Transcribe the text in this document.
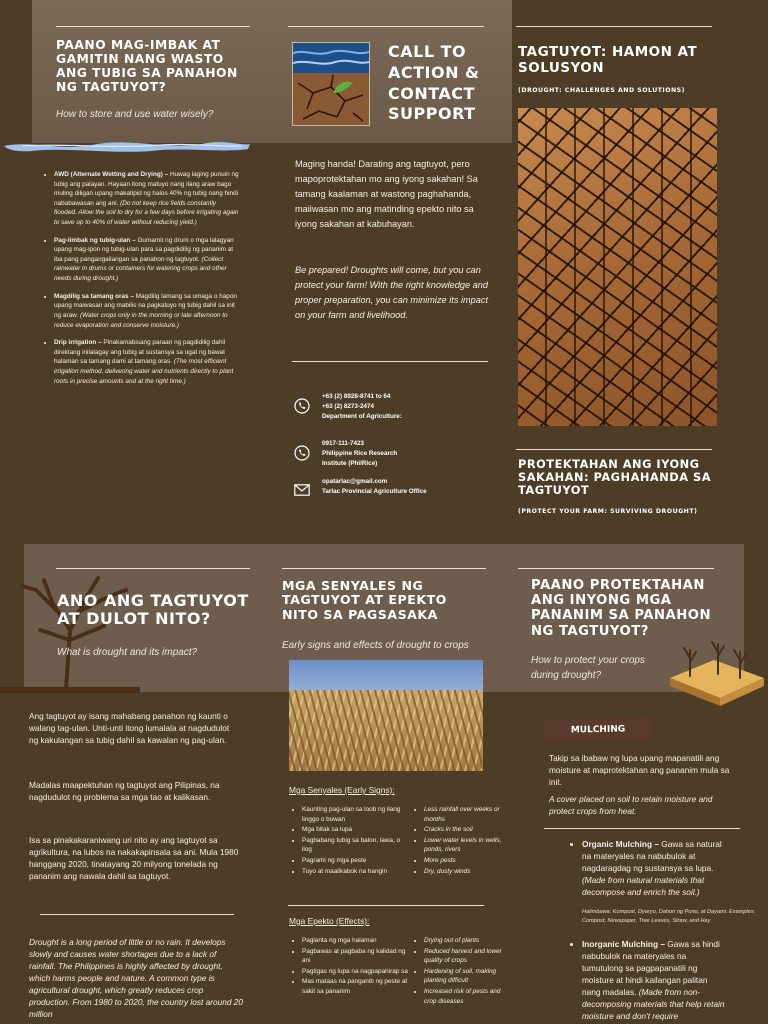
PAANO MAG-IMBAK AT GAMITIN NANG WASTO ANG TUBIG SA PANAHON NG TAGTUYOT?
How to store and use water wisely?
• AWD (Alternate Wetting and Drying) – Huwag laging punuin ng tubig ang palayan. Hayaan itong matuyo nang ilang araw bago muling diligan upang makatipid ng halos 40% ng tubig nang hindi nababawasan ang ani. (Do not keep rice fields constantly flooded. Allow the soil to dry for a few days before irrigating again to save up to 40% of water without reducing yield.)
• Pag-iimbak ng tubig-ulan – Gumamit ng drum o mga lalagyan upang mag-ipon ng tubig-ulan para sa pagdidilig ng pananim at iba pang pangangailangan sa panahon ng tagtuyot. (Collect rainwater in drums or containers for watering crops and other needs during drought.)
• Magdilig sa tamang oras – Magdilig lamang sa umaga o hapon upang maiwasan ang mabilis na pagkatuyo ng tubig dahil sa init ng araw. (Water crops only in the morning or late afternoon to reduce evaporation and conserve moisture.)
• Drip irrigation – Pinakamabisang paraan ng pagdidilig dahil direktang inilalagay ang tubig at sustansya sa ugat ng bawat halaman sa tamang dami at tamang oras. (The most efficient irrigation method, delivering water and nutrients directly to plant roots in precise amounts and at the right time.)
CALL TO ACTION & CONTACT SUPPORT
Maging handa! Darating ang tagtuyot, pero mapoprotektahan mo ang iyong sakahan! Sa tamang kaalaman at wastong paghahanda, maiiwasan mo ang matinding epekto nito sa iyong sakahan at kabuhayan.
Be prepared! Droughts will come, but you can protect your farm! With the right knowledge and proper preparation, you can minimize its impact on your farm and livelihood.
+63 (2) 8928-8741 to 64
+63 (2) 8273-2474
Department of Agriculture:
0917-111-7423
Philippine Rice Research
Institute (PhilRice)
opatarlac@gmail.com
Tarlac Provincial Agriculture Office
TAGTUYOT: HAMON AT SOLUSYON
(DROUGHT: CHALLENGES AND SOLUTIONS)
PROTEKTAHAN ANG IYONG SAKAHAN: PAGHAHANDA SA TAGTUYOT
(PROTECT YOUR FARM: SURVIVING DROUGHT)
ANO ANG TAGTUYOT AT DULOT NITO?
What is drought and its impact?
Ang tagtuyot ay isang mahabang panahon ng kaunti o walang tag-ulan. Unti-unti itong lumalala at nagdudulot ng kakulangan sa tubig dahil sa kawalan ng pag-ulan.
Madalas maapektuhan ng tagtuyot ang Pilipinas, na nagdudulot ng problema sa mga tao at kalikasan.
Isa sa pinakakaraniwang uri nito ay ang tagtuyot sa agrikultura, na lubos na nakakapinsala sa ani. Mula 1980 hanggang 2020, tinatayang 20 milyong tonelada ng pananim ang nawala dahil sa tagtuyot.
Drought is a long period of little or no rain. It develops slowly and causes water shortages due to a lack of rainfall. The Philippines is highly affected by drought, which harms people and nature. A common type is agricultural drought, which greatly reduces crop production. From 1980 to 2020, the country lost around 20 million
MGA SENYALES NG TAGTUYOT AT EPEKTO NITO SA PAGSASAKA
Early signs and effects of drought to crops
Mga Senyales (Early Signs):
• Kaunting pag-ulan sa loob ng ilang linggo o buwan
• Mga bitak sa lupa
• Pagbabang tubig sa balon, lawa, o ilog
• Pagrami ng mga peste
• Tuyo at maalikabok na hangin
• Less rainfall over weeks or months
• Cracks in the soil
• Lower water levels in wells, ponds, rivers
• More pests
• Dry, dusty winds
Mga Epekto (Effects):
• Paglanta ng mga halaman
• Pagbawas at pagbaba ng kalidad ng ani
• Pagtigas ng lupa na nagpapahirap sa
• Mas mataas na panganib ng peste at sakit sa pananim
• Drying out of plants
• Reduced harvest and lower quality of crops
• Hardening of soil, making planting difficult
• Increased risk of pests and crop diseases
PAANO PROTEKTAHAN ANG INYONG MGA PANANIM SA PANAHON NG TAGTUYOT?
How to protect your crops during drought?
MULCHING
Takip sa ibabaw ng lupa upang mapanatili ang moisture at maprotektahan ang pananim mula sa init.
A cover placed on soil to retain moisture and protect crops from heat.
• Organic Mulching – Gawa sa natural na materyales na nabubulok at nagdaragdag ng sustansya sa lupa. (Made from natural materials that decompose and enrich the soil.)
Halimbawa: Kompost, Dyaryo, Dahon ng Puno, at Dayami. Examples: Compost, Newspaper, Tree Leaves, Straw, and Hay
• Inorganic Mulching – Gawa sa hindi nabubulok na materyales na tumutulong sa pagpapanatili ng moisture at hindi kailangan palitan nang madalas. (Made from non-decomposing materials that help retain moisture and don't require
